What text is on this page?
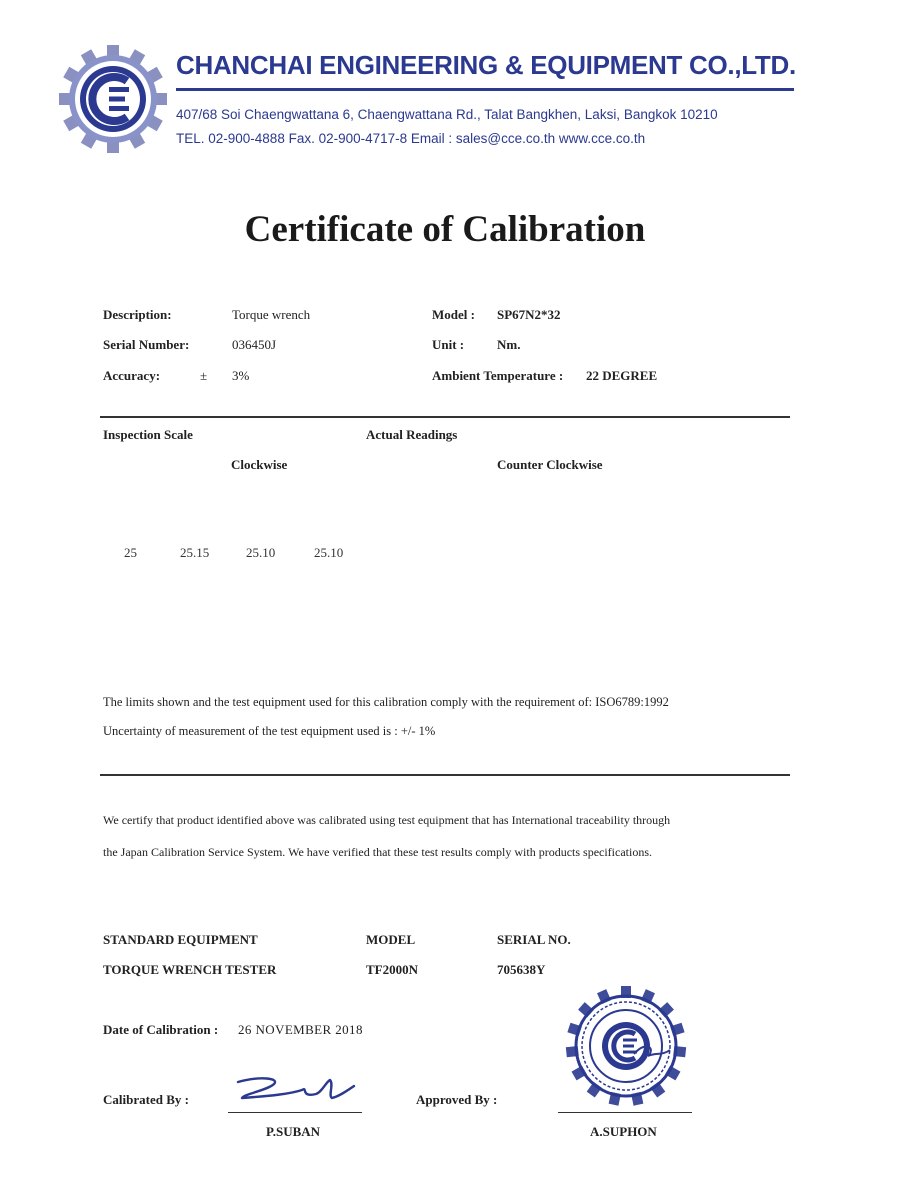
CHANCHAI ENGINEERING & EQUIPMENT CO.,LTD.
407/68 Soi Chaengwattana 6, Chaengwattana Rd., Talat Bangkhen, Laksi, Bangkok 10210
TEL. 02-900-4888 Fax. 02-900-4717-8 Email : sales@cce.co.th www.cce.co.th
Certificate of Calibration
Description:	Torque wrench
Serial Number:	036450J
Accuracy:	± 3%
Model : SP67N2*32
Unit :	Nm.
Ambient Temperature : 22 DEGREE
Inspection Scale	Actual Readings
Clockwise	Counter Clockwise
25	25.15	25.10	25.10
The limits shown and the test equipment used for this calibration comply with the requirement of: ISO6789:1992
Uncertainty of measurement of the test equipment used is : +/- 1%
We certify that product identified above was calibrated using test equipment that has International traceability through
the Japan Calibration Service System. We have verified that these test results comply with products specifications.
STANDARD EQUIPMENT	MODEL	SERIAL NO.
TORQUE WRENCH TESTER	TF2000N	705638Y
Date of Calibration : 26 NOVEMBER 2018
Calibrated By :
P.SUBAN
Approved By :
A.SUPHON
